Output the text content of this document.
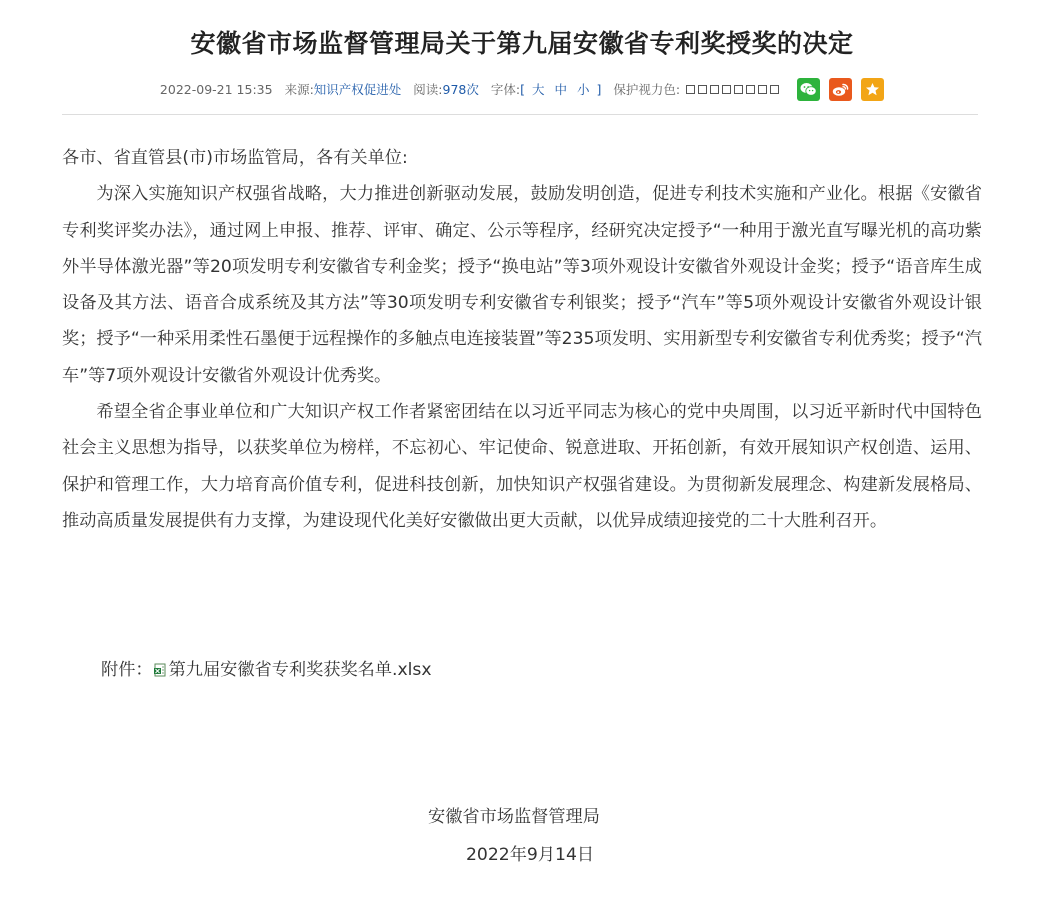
安徽省市场监督管理局关于第九届安徽省专利奖授奖的决定
2022-09-21 15:35 来源: 知识产权促进处 阅读: 978次 字体: [ 大 中 小 ] 保护视力色:

各市、省直管县(市)市场监管局，各有关单位:

为深入实施知识产权强省战略，大力推进创新驱动发展，鼓励发明创造，促进专利技术实施和产业化。根据《安徽省专利奖评奖办法》，通过网上申报、推荐、评审、确定、公示等程序，经研究决定授予“一种用于激光直写曝光机的高功紫外半导体激光器”等20项发明专利安徽省专利金奖；授予“换电站”等3项外观设计安徽省外观设计金奖；授予“语音库生成设备及其方法、语音合成系统及其方法”等30项发明专利安徽省专利银奖；授予“汽车”等5项外观设计安徽省外观设计银奖；授予“一种采用柔性石墨便于远程操作的多触点电连接装置”等235项发明、实用新型专利安徽省专利优秀奖；授予“汽车”等7项外观设计安徽省外观设计优秀奖。

希望全省企事业单位和广大知识产权工作者紧密团结在以习近平同志为核心的党中央周围，以习近平新时代中国特色社会主义思想为指导，以获奖单位为榜样，不忘初心、牢记使命、锐意进取、开拓创新，有效开展知识产权创造、运用、保护和管理工作，大力培育高价值专利，促进科技创新，加快知识产权强省建设。为贯彻新发展理念、构建新发展格局、推动高质量发展提供有力支撑，为建设现代化美好安徽做出更大贡献，以优异成绩迎接党的二十大胜利召开。

附件： 第九届安徽省专利奖获奖名单.xlsx
安徽省市场监督管理局
2022年9月14日
